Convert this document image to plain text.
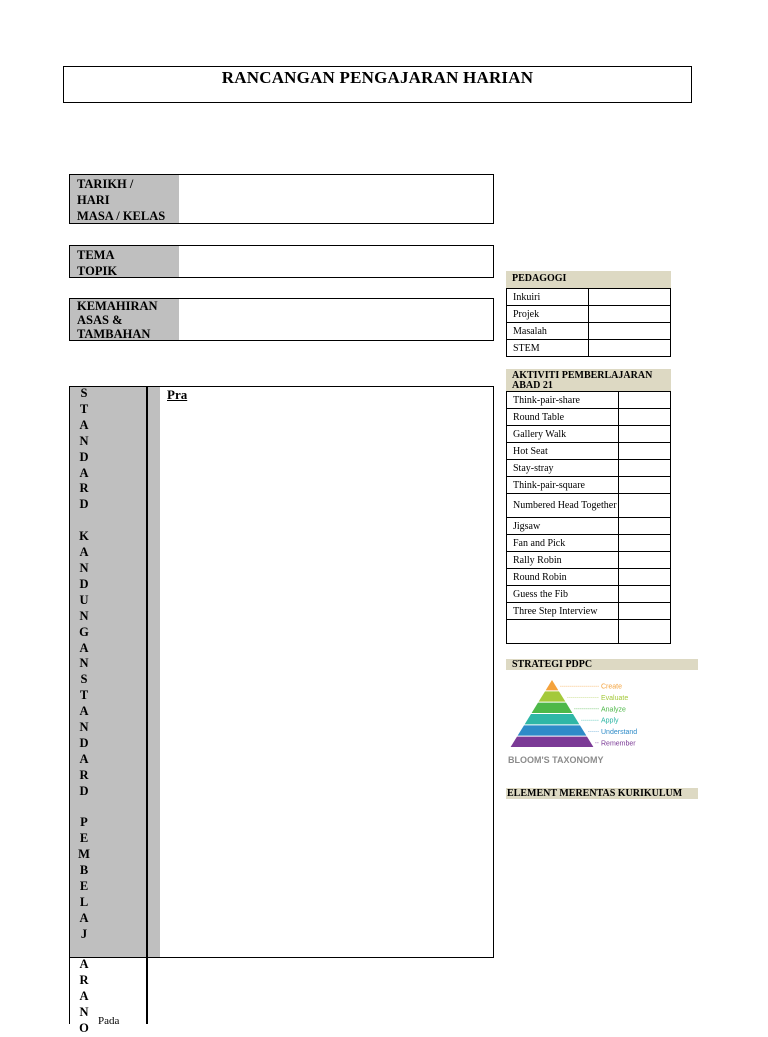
RANCANGAN PENGAJARAN HARIAN
TARIKH /
HARI
MASA / KELAS
TEMA
TOPIK
KEMAHIRAN
ASAS &
TAMBAHAN
S
T
A
N
D
A
R
D

K
A
N
D
U
N
G
A
N
S
T
A
N
D
A
R
D

P
E
M
B
E
L
A
J
A
R
A
N
O
Pra
Pada
PEDAGOGI
Inkuiri	
Projek	
Masalah	
STEM	
AKTIVITI PEMBERLAJARAN
ABAD 21
Think-pair-share	
Round Table	
Gallery Walk	
Hot Seat	
Stay-stray	
Think-pair-square	
Numbered Head Together	
Jigsaw	
Fan and Pick	
Rally Robin	
Round Robin	
Guess the Fib	
Three Step Interview	

STRATEGI PDPC
Create
Evaluate
Analyze
Apply
Understand
Remember
BLOOM'S TAXONOMY
ELEMENT MERENTAS KURIKULUM
